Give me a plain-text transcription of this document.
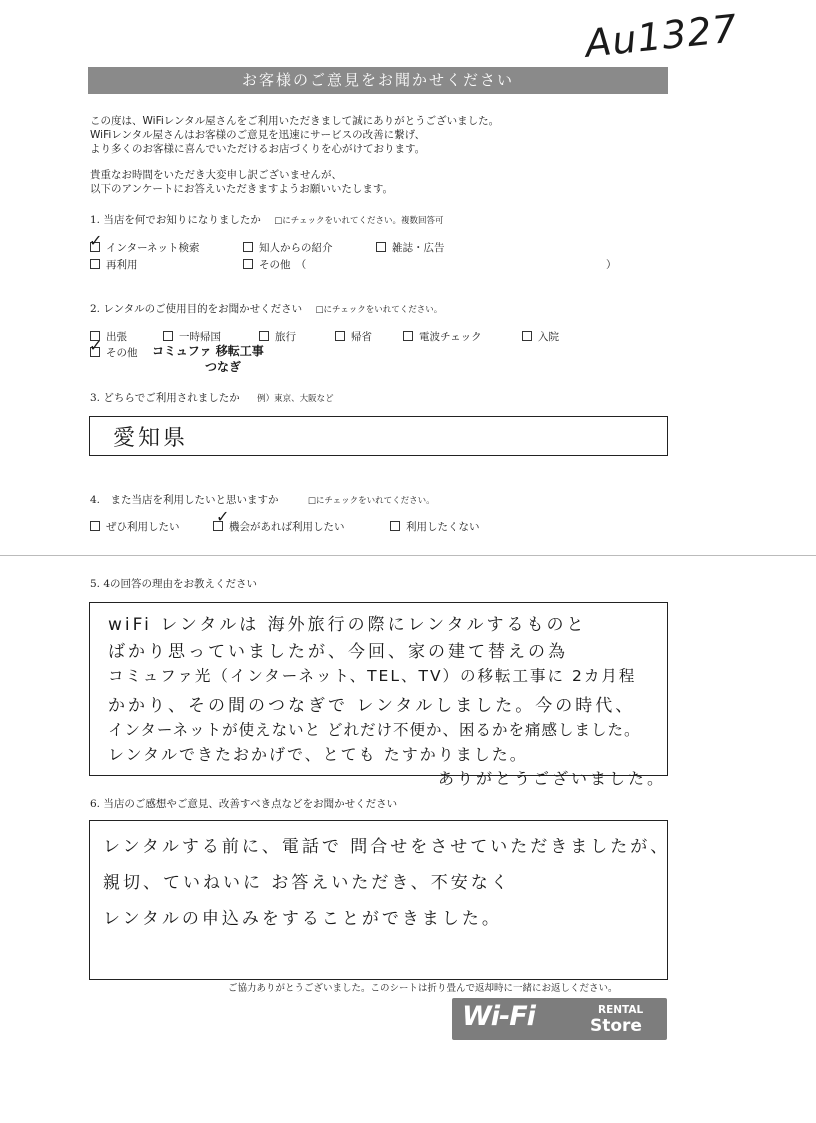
Au1327
お客様のご意見をお聞かせください
この度は、WiFiレンタル屋さんをご利用いただきまして誠にありがとうございました。
WiFiレンタル屋さんはお客様のご意見を迅速にサービスの改善に繋げ、
より多くのお客様に喜んでいただけるお店づくりを心がけております。
貴重なお時間をいただき大変申し訳ございませんが、
以下のアンケートにお答えいただきますようお願いいたします。
1. 当店を何でお知りになりましたか □にチェックをいれてください。複数回答可
インターネット検索
✓	知人からの紹介	雑誌・広告
再利用	その他　（	）
2. レンタルのご使用目的をお聞かせください □にチェックをいれてください。
出張	一時帰国	旅行	帰省	電波チェック	入院
その他
✓	コミュファ 移転工事
つなぎ
3. どちらでご利用されましたか 例）東京、大阪など
愛知県
4.　また当店を利用したいと思いますか	□にチェックをいれてください。
ぜひ利用したい	機会があれば利用したい
✓
利用したくない
5. 4の回答の理由をお教えください
wiFi レンタルは 海外旅行の際にレンタルするものと
ばかり思っていましたが、今回、家の建て替えの為
コミュファ光（インターネット、TEL、TV）の移転工事に 2カ月程
かかり、その間のつなぎで レンタルしました。今の時代、
インターネットが使えないと どれだけ不便か、困るかを痛感しました。
レンタルできたおかげで、とても たすかりました。
ありがとうございました。
6. 当店のご感想やご意見、改善すべき点などをお聞かせください
レンタルする前に、電話で 問合せをさせていただきましたが、
親切、ていねいに お答えいただき、不安なく
レンタルの申込みをすることができました。
ご協力ありがとうございました。このシートは折り畳んで返却時に一緒にお返しください。
Wi-Fi	RENTAL
Store
